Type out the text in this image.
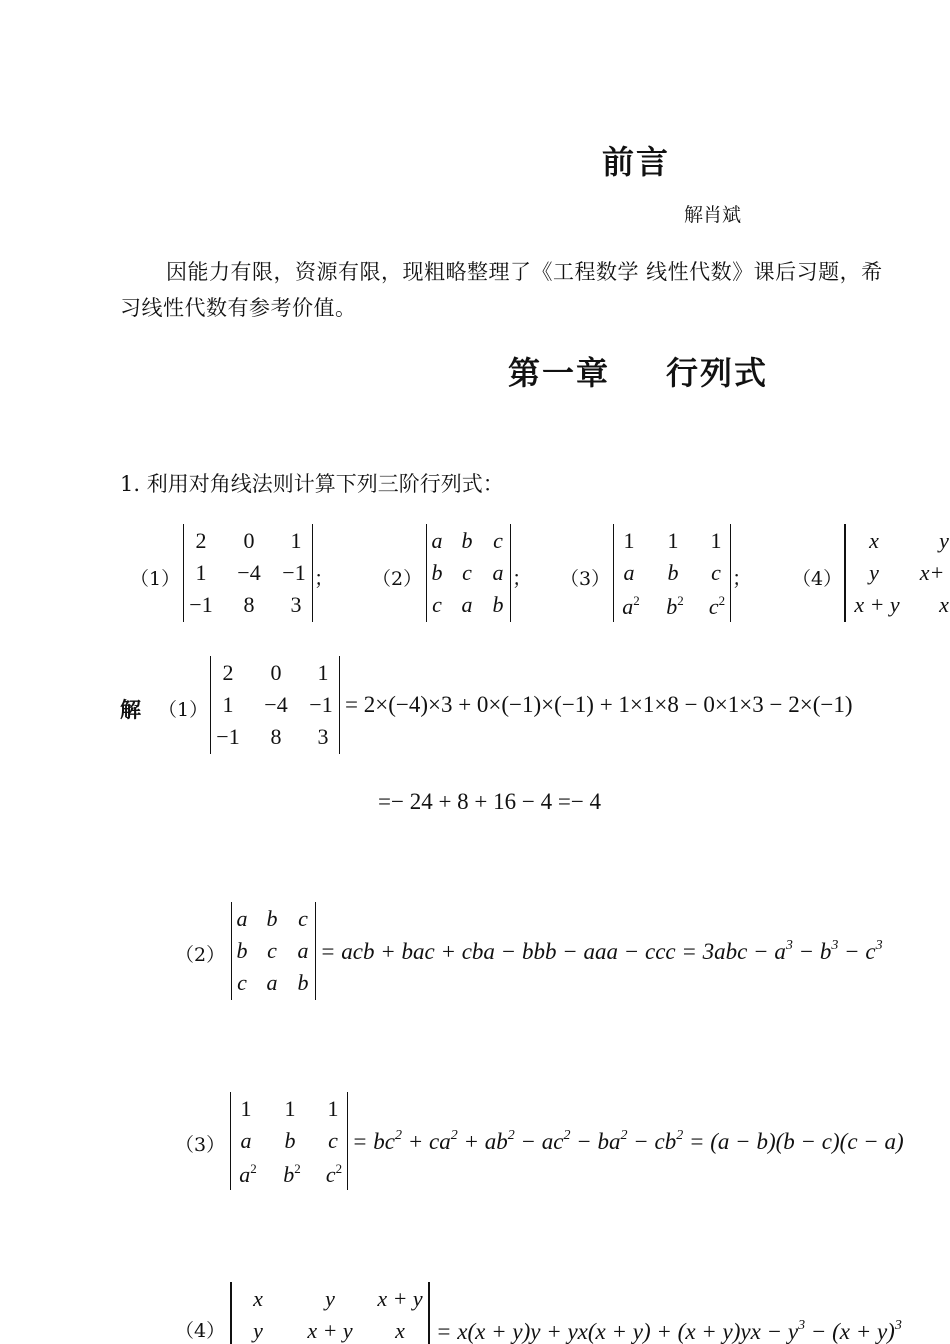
前言
解肖斌
因能力有限，资源有限，现粗略整理了《工程数学 线性代数》课后习题，希
习线性代数有参考价值。
第一章 行列式
1. 利用对角线法则计算下列三阶行列式：
（1）
2 0 1
1 −4 −1
−1 8 3
； （2）
a b c
b c a
c a b
； （3）
1 1 1
a b c
$a^2$ $b^2$ $c^2$
； （4）
x	y
y x+
x + y x
解 （1）
2 0 1
1 −4 −1
−1 8 3
= 2×(−4)×3 + 0×(−1)×(−1) + 1×1×8 − 0×1×3 − 2×(−1)
=− 24 + 8 + 16 − 4 =− 4
（2）
a b c
b c a
c a b
= acb + bac + cba − bbb − aaa − ccc = $3abc - a^3 - b^3 - c^3$
（3）
1 1 1
a b c
$a^2$ $b^2$ $c^2$
= $bc^2 + ca^2 + ab^2 - ac^2 - ba^2 - cb^2 = (a - b)(b - c)(c - a)$
（4）
x	y x + y
y x + y $x = x(x + y)y + yx(x + y) + (x + y)yx - y^3 - (x + y)^3$
